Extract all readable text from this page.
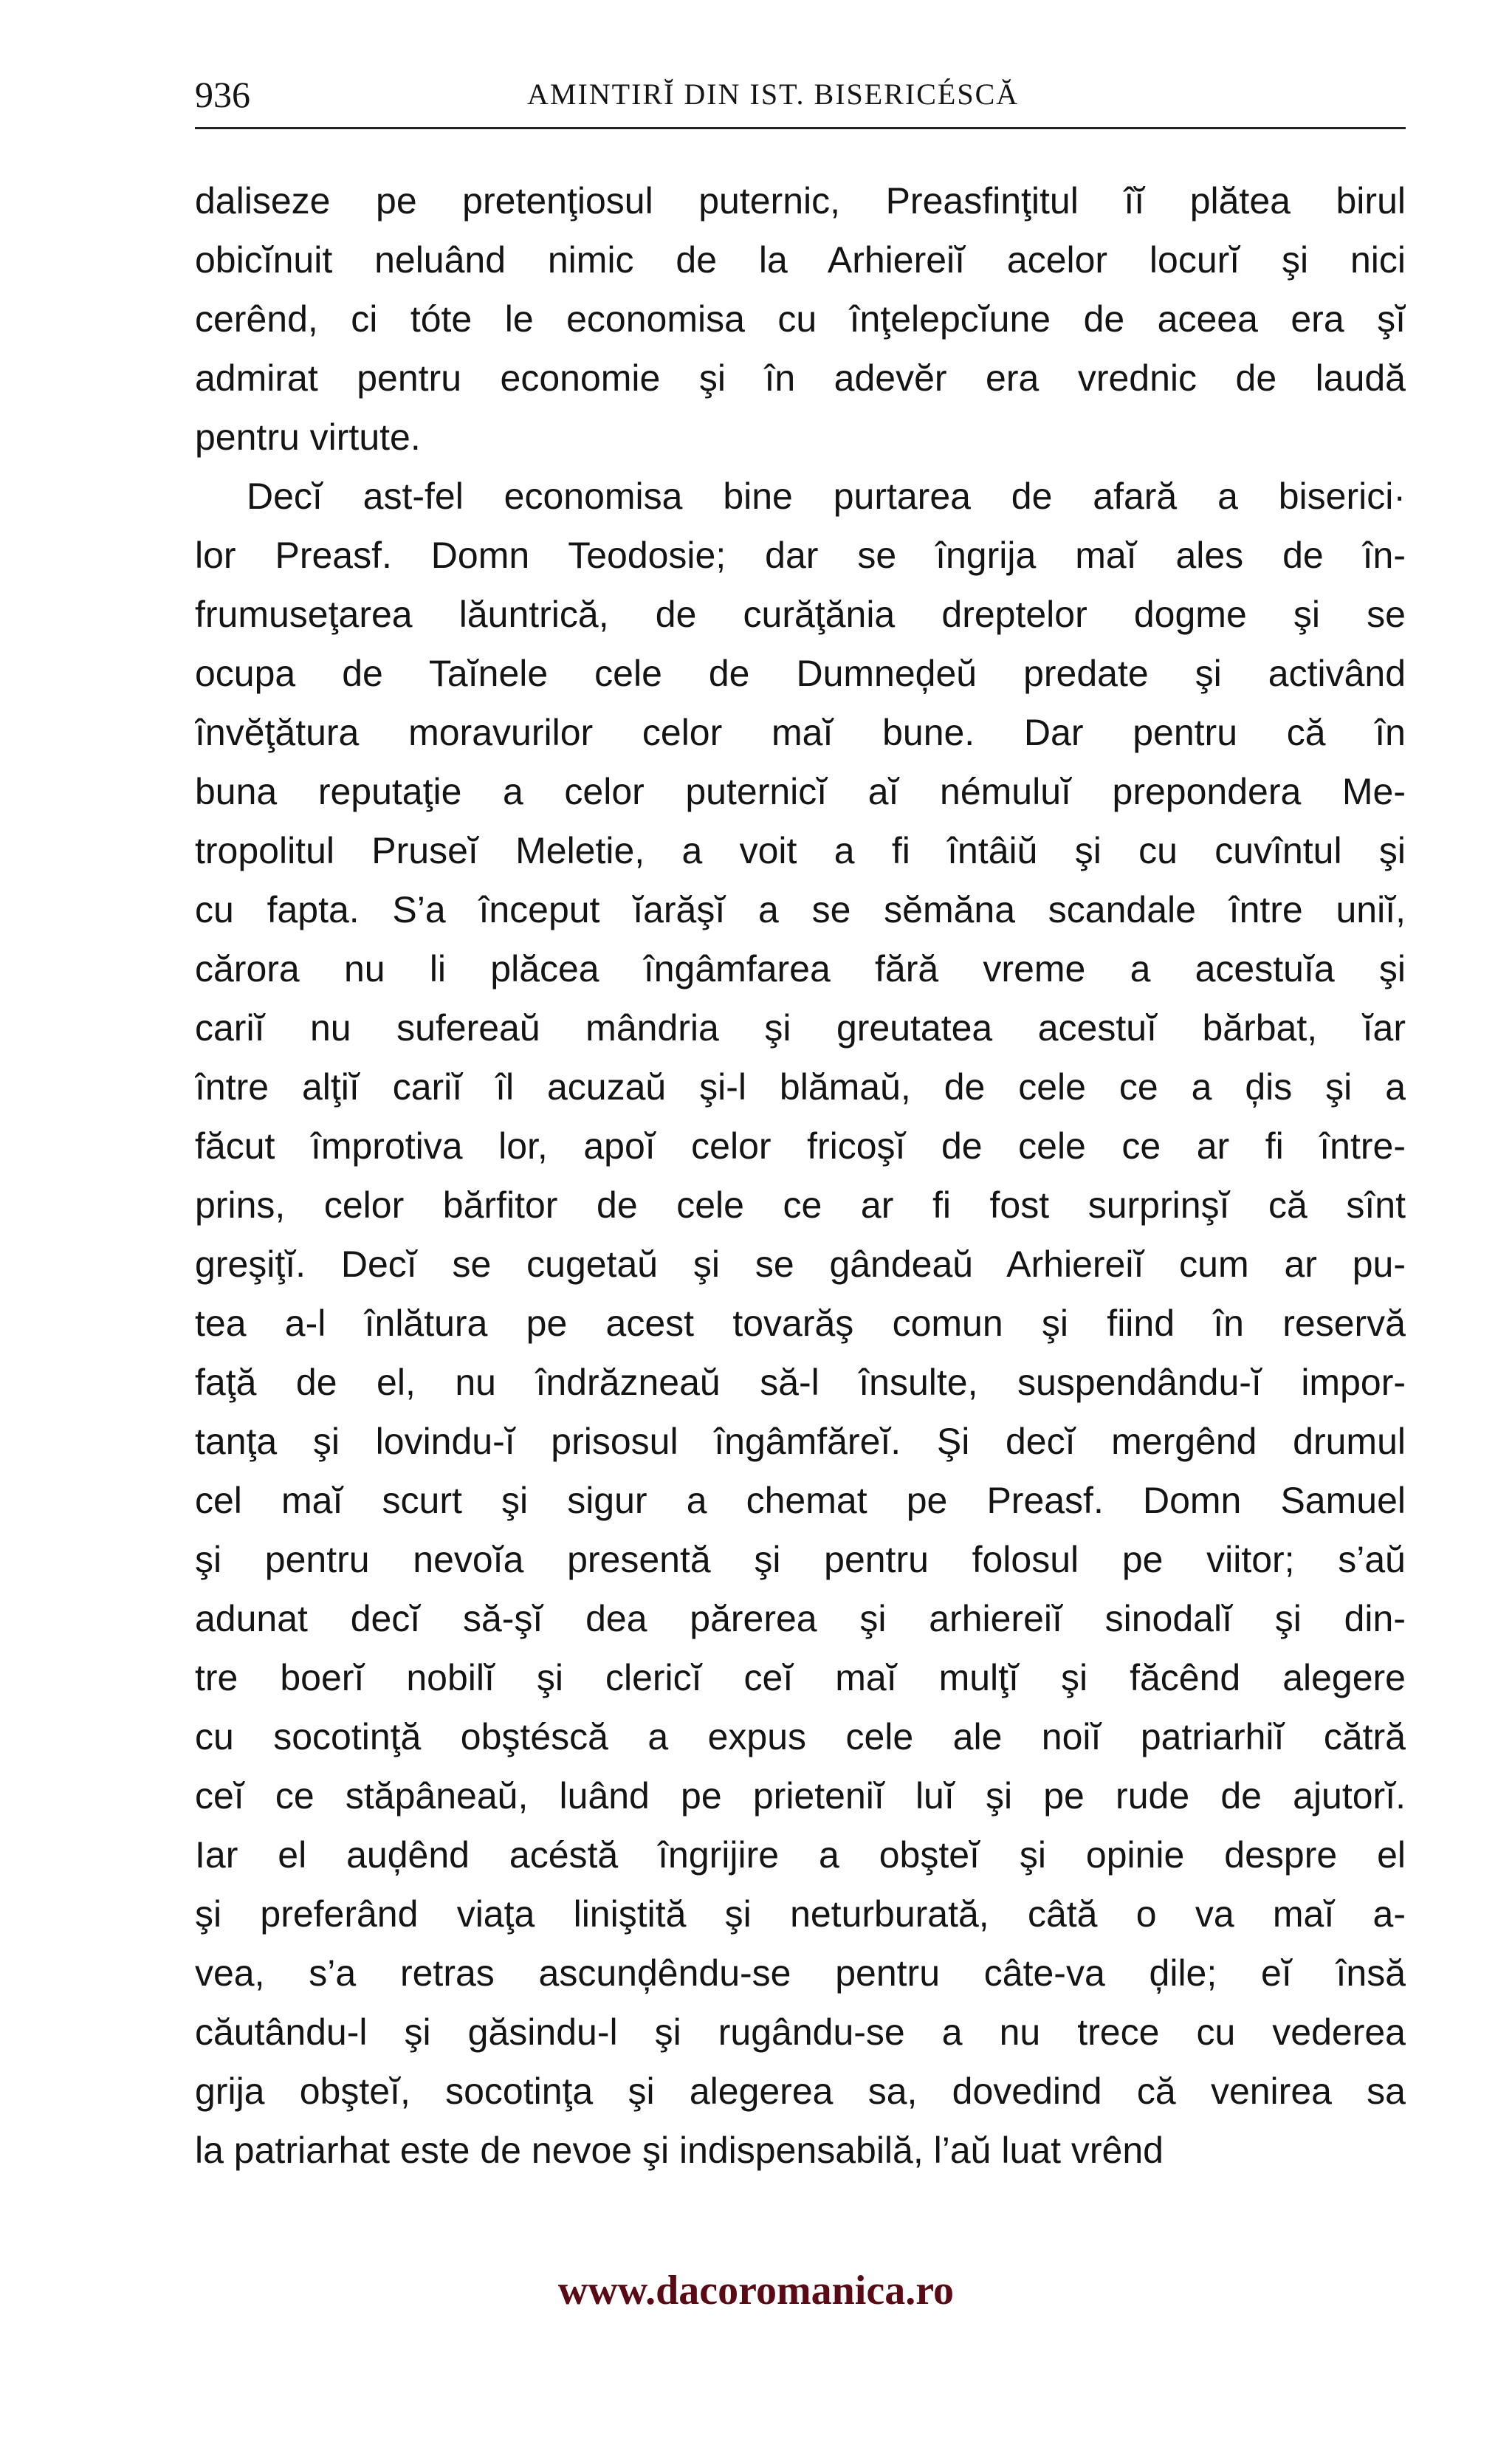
936	AMINTIRĬ DIN IST. BISERICÉSCĂ
daliseze pe pretenţiosul puternic, Preasfinţitul îĭ plătea birul
obicĭnuit neluând nimic de la Arhiereiĭ acelor locurĭ şi nici
cerênd, ci tóte le economisa cu înţelepcĭune de aceea era şĭ
admirat pentru economie şi în adevĕr era vrednic de laudă
pentru virtute.
Decĭ ast-fel economisa bine purtarea de afară a biserici·
lor Preasf. Domn Teodosie; dar se îngrija maĭ ales de în-
frumuseţarea lăuntrică, de curăţănia dreptelor dogme şi se
ocupa de Taĭnele cele de Dumneḑeŭ predate şi activând
învĕţătura moravurilor celor maĭ bune. Dar pentru că în
buna reputaţie a celor puternicĭ aĭ némuluĭ prepondera Me-
tropolitul Pruseĭ Meletie, a voit a fi întâiŭ şi cu cuvîntul şi
cu fapta. S’a început ĭarăşĭ a se sĕmăna scandale între uniĭ,
cărora nu li plăcea îngâmfarea fără vreme a acestuĭa şi
cariĭ nu sufereaŭ mândria şi greutatea acestuĭ bărbat, ĭar
între alţiĭ cariĭ îl acuzaŭ şi-l blămaŭ, de cele ce a ḑis şi a
făcut împrotiva lor, apoĭ celor fricoşĭ de cele ce ar fi între-
prins, celor bărfitor de cele ce ar fi fost surprinşĭ că sînt
greşiţĭ. Decĭ se cugetaŭ şi se gândeaŭ Arhiereiĭ cum ar pu-
tea a-l înlătura pe acest tovarăş comun şi fiind în reservă
faţă de el, nu îndrăzneaŭ să-l însulte, suspendându-ĭ impor-
tanţa şi lovindu-ĭ prisosul îngâmfăreĭ. Şi decĭ mergênd drumul
cel maĭ scurt şi sigur a chemat pe Preasf. Domn Samuel
şi pentru nevoĭa presentă şi pentru folosul pe viitor; s’aŭ
adunat decĭ să-şĭ dea părerea şi arhiereiĭ sinodalĭ şi din-
tre boerĭ nobilĭ şi clericĭ ceĭ maĭ mulţĭ şi făcênd alegere
cu socotinţă obştéscă a expus cele ale noiĭ patriarhiĭ cătră
ceĭ ce stăpâneaŭ, luând pe prieteniĭ luĭ şi pe rude de ajutorĭ.
Iar el auḑênd acéstă îngrijire a obşteĭ şi opinie despre el
şi preferând viaţa liniştită şi neturburată, câtă o va maĭ a-
vea, s’a retras ascunḑêndu-se pentru câte-va ḑile; eĭ însă
căutându-l şi găsindu-l şi rugându-se a nu trece cu vederea
grija obşteĭ, socotinţa şi alegerea sa, dovedind că venirea sa
la patriarhat este de nevoe şi indispensabilă, l’aŭ luat vrênd
www.dacoromanica.ro
